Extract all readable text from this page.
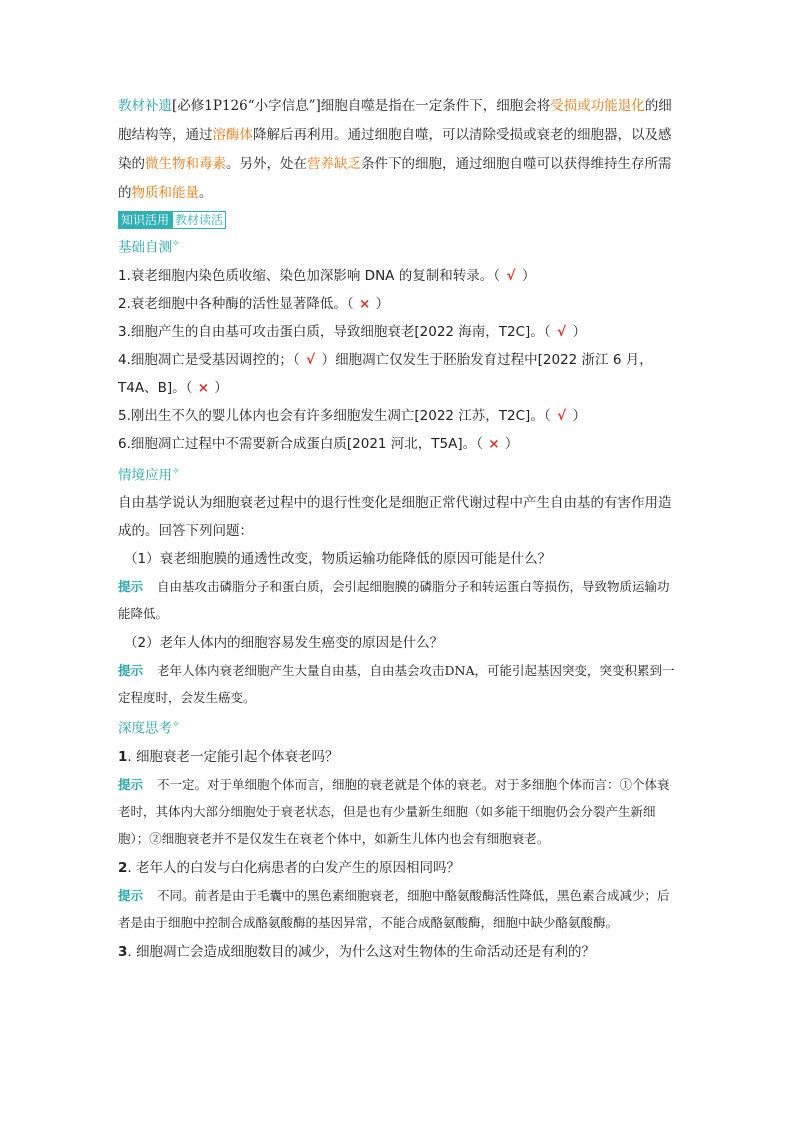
教材补遗[必修1P126“小字信息”]细胞自噬是指在一定条件下，细胞会将受损或功能退化的细胞结构等，通过溶酶体降解后再利用。通过细胞自噬，可以清除受损或衰老的细胞器，以及感染的微生物和毒素。另外，处在营养缺乏条件下的细胞，通过细胞自噬可以获得维持生存所需的物质和能量。

知识活用 教材读活

基础自测✧

1.衰老细胞内染色质收缩、染色加深影响 DNA 的复制和转录。（ √ ）

2.衰老细胞中各种酶的活性显著降低。（ × ）

3.细胞产生的自由基可攻击蛋白质，导致细胞衰老[2022 海南，T2C]。（ √ ）

4.细胞凋亡是受基因调控的；（ √ ）细胞凋亡仅发生于胚胎发育过程中[2022 浙江 6 月，T4A、B]。（ × ）

5.刚出生不久的婴儿体内也会有许多细胞发生凋亡[2022 江苏，T2C]。（ √ ）

6.细胞凋亡过程中不需要新合成蛋白质[2021 河北，T5A]。（ × ）

情境应用✧

自由基学说认为细胞衰老过程中的退行性变化是细胞正常代谢过程中产生自由基的有害作用造成的。回答下列问题：

（1）衰老细胞膜的通透性改变，物质运输功能降低的原因可能是什么？

提示 自由基攻击磷脂分子和蛋白质，会引起细胞膜的磷脂分子和转运蛋白等损伤，导致物质运输功能降低。

（2）老年人体内的细胞容易发生癌变的原因是什么？

提示 老年人体内衰老细胞产生大量自由基，自由基会攻击DNA，可能引起基因突变，突变积累到一定程度时，会发生癌变。

深度思考✧

1. 细胞衰老一定能引起个体衰老吗？

提示 不一定。对于单细胞个体而言，细胞的衰老就是个体的衰老。对于多细胞个体而言：①个体衰老时，其体内大部分细胞处于衰老状态，但是也有少量新生细胞（如多能干细胞仍会分裂产生新细胞）；②细胞衰老并不是仅发生在衰老个体中，如新生儿体内也会有细胞衰老。

2. 老年人的白发与白化病患者的白发产生的原因相同吗？

提示 不同。前者是由于毛囊中的黑色素细胞衰老，细胞中酪氨酸酶活性降低，黑色素合成减少；后者是由于细胞中控制合成酪氨酸酶的基因异常，不能合成酪氨酸酶，细胞中缺少酪氨酸酶。

3. 细胞凋亡会造成细胞数目的减少，为什么这对生物体的生命活动还是有利的？
